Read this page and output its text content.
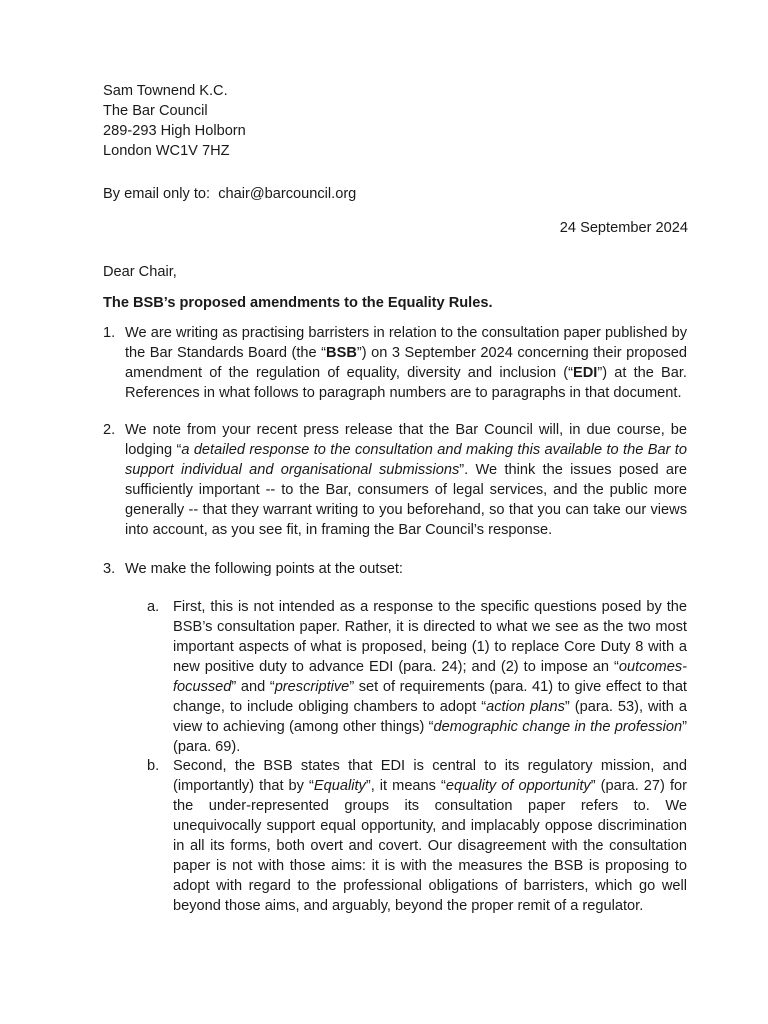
Sam Townend K.C.
The Bar Council
289-293 High Holborn
London WC1V 7HZ
By email only to: chair@barcouncil.org
24 September 2024
Dear Chair,
The BSB’s proposed amendments to the Equality Rules.
1. We are writing as practising barristers in relation to the consultation paper published by the Bar Standards Board (the “BSB”) on 3 September 2024 concerning their proposed amendment of the regulation of equality, diversity and inclusion (“EDI”) at the Bar. References in what follows to paragraph numbers are to paragraphs in that document.
2. We note from your recent press release that the Bar Council will, in due course, be lodging “a detailed response to the consultation and making this available to the Bar to support individual and organisational submissions”. We think the issues posed are sufficiently important -- to the Bar, consumers of legal services, and the public more generally -- that they warrant writing to you beforehand, so that you can take our views into account, as you see fit, in framing the Bar Council’s response.
3. We make the following points at the outset:
a. First, this is not intended as a response to the specific questions posed by the BSB’s consultation paper. Rather, it is directed to what we see as the two most important aspects of what is proposed, being (1) to replace Core Duty 8 with a new positive duty to advance EDI (para. 24); and (2) to impose an “outcomes-focussed” and “prescriptive” set of requirements (para. 41) to give effect to that change, to include obliging chambers to adopt “action plans” (para. 53), with a view to achieving (among other things) “demographic change in the profession” (para. 69).
b. Second, the BSB states that EDI is central to its regulatory mission, and (importantly) that by “Equality”, it means “equality of opportunity” (para. 27) for the under-represented groups its consultation paper refers to. We unequivocally support equal opportunity, and implacably oppose discrimination in all its forms, both overt and covert. Our disagreement with the consultation paper is not with those aims: it is with the measures the BSB is proposing to adopt with regard to the professional obligations of barristers, which go well beyond those aims, and arguably, beyond the proper remit of a regulator.
